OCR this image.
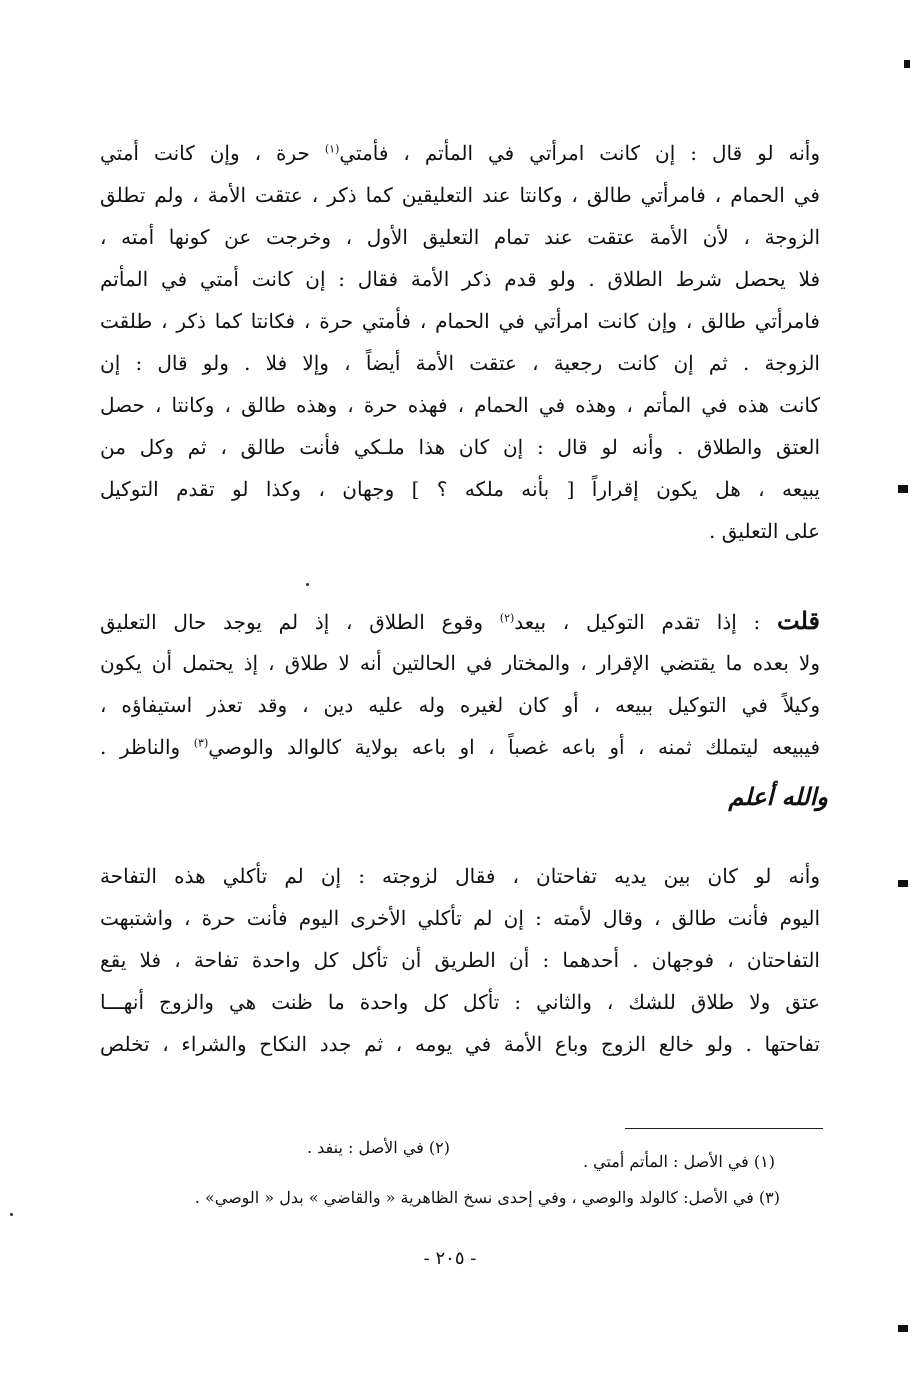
وأنه لو قال : إن كانت امرأتي في المأتم ، فأمتي$^{(١)}$ حرة ، وإن كانت أمتي
في الحمام ، فامرأتي طالق ، وكانتا عند التعليقين كما ذكر ، عتقت الأمة ، ولم تطلق
الزوجة ، لأن الأمة عتقت عند تمام التعليق الأول ، وخرجت عن كونها أمته ،
فلا يحصل شرط الطلاق . ولو قدم ذكر الأمة فقال : إن كانت أمتي في المأتم
فامرأتي طالق ، وإن كانت امرأتي في الحمام ، فأمتي حرة ، فكانتا كما ذكر ، طلقت
الزوجة . ثم إن كانت رجعية ، عتقت الأمة أيضاً ، وإلا فلا . ولو قال : إن
كانت هذه في المأتم ، وهذه في الحمام ، فهذه حرة ، وهذه طالق ، وكانتا ، حصل
العتق والطلاق . وأنه لو قال : إن كان هذا ملـكي فأنت طالق ، ثم وكل من
يبيعه ، هل يكون إقراراً [ بأنه ملكه ؟ ] وجهان ، وكذا لو تقدم التوكيل
على التعليق .
قلت : إذا تقدم التوكيل ، بيعد$^{(٢)}$ وقوع الطلاق ، إذ لم يوجد حال التعليق
ولا بعده ما يقتضي الإقرار ، والمختار في الحالتين أنه لا طلاق ، إذ يحتمل أن يكون
وكيلاً في التوكيل ببيعه ، أو كان لغيره وله عليه دين ، وقد تعذر استيفاؤه ،
فيبيعه ليتملك ثمنه ، أو باعه غصباً ، او باعه بولاية كالوالد والوصي$^{(٣)}$ والناظر .
والله أعلم
وأنه لو كان بين يديه تفاحتان ، فقال لزوجته : إن لم تأكلي هذه التفاحة
اليوم فأنت طالق ، وقال لأمته : إن لم تأكلي الأخرى اليوم فأنت حرة ، واشتبهت
التفاحتان ، فوجهان . أحدهما : أن الطريق أن تأكل كل واحدة تفاحة ، فلا يقع
عتق ولا طلاق للشك ، والثاني : تأكل كل واحدة ما ظنت هي والزوج أنهـــا
تفاحتها . ولو خالع الزوج وباع الأمة في يومه ، ثم جدد النكاح والشراء ، تخلص
(١) في الأصل : المأتم أمتي .
(٢) في الأصل : ينفد .
(٣) في الأصل: كالولد والوصي ، وفي إحدى نسخ الظاهرية « والقاضي » بدل « الوصي» .
- ٢٠٥ -
